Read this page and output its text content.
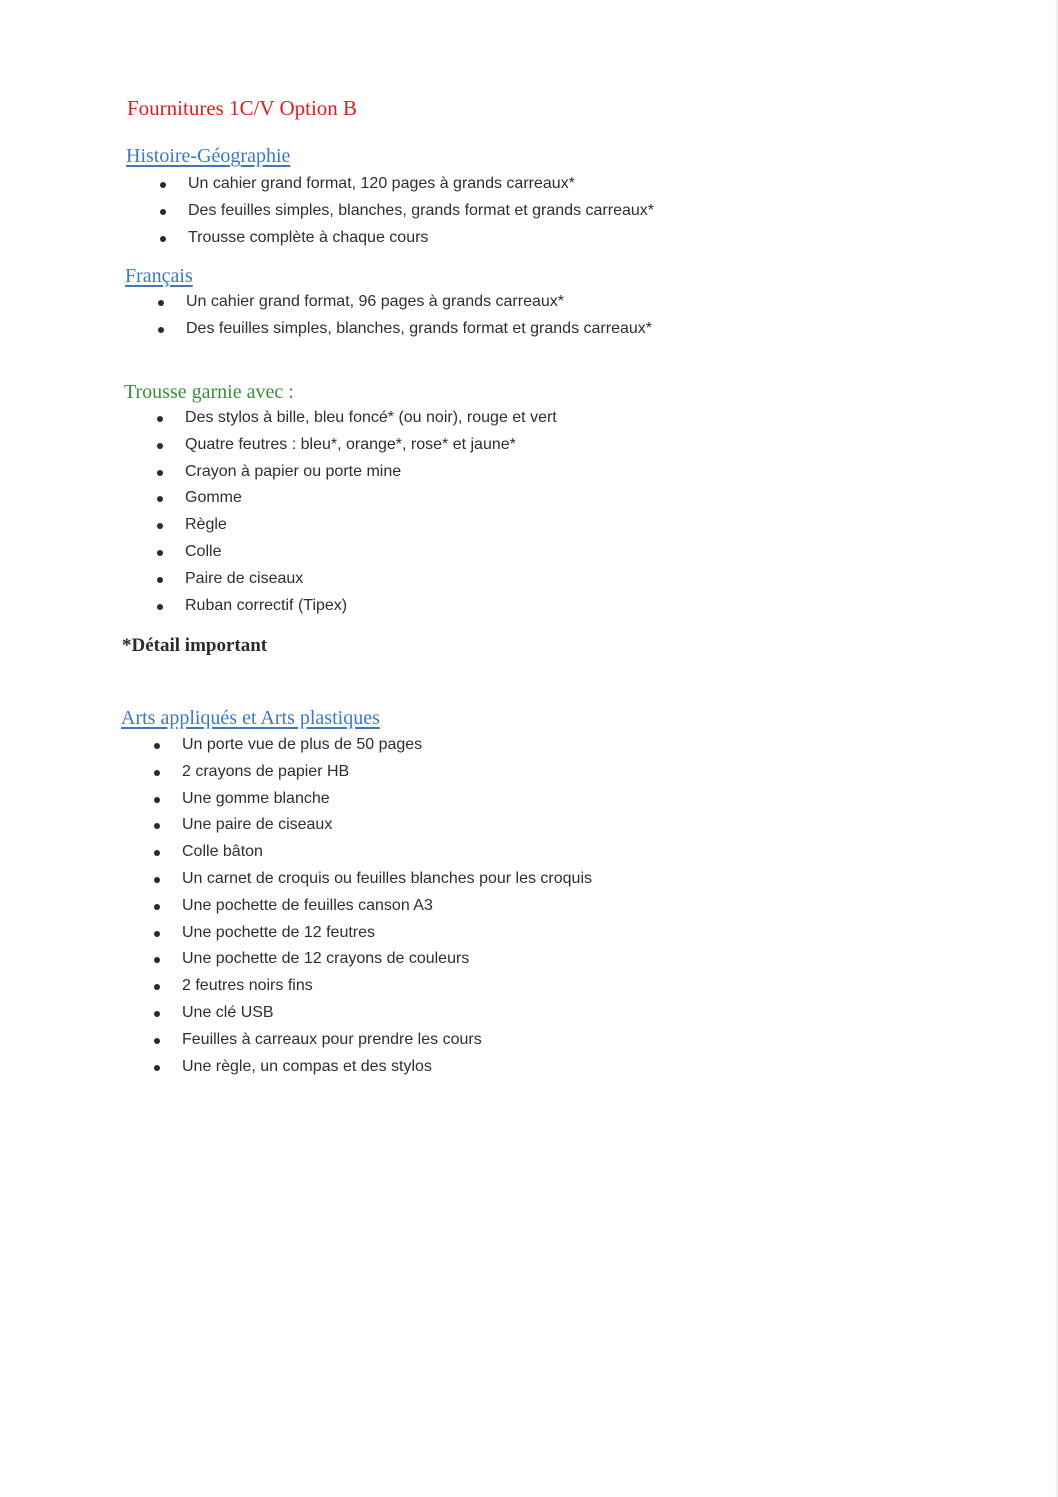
Fournitures 1C/V Option B
Histoire-Géographie
Un cahier grand format, 120 pages à grands carreaux*
Des feuilles simples, blanches, grands format et grands carreaux*
Trousse complète à chaque cours
Français
Un cahier grand format, 96 pages à grands carreaux*
Des feuilles simples, blanches, grands format et grands carreaux*
Trousse garnie avec :
Des stylos à bille, bleu foncé* (ou noir), rouge et vert
Quatre feutres : bleu*, orange*, rose* et jaune*
Crayon à papier ou porte mine
Gomme
Règle
Colle
Paire de ciseaux
Ruban correctif (Tipex)

*Détail important

Arts appliqués et Arts plastiques
Un porte vue de plus de 50 pages
2 crayons de papier HB
Une gomme blanche
Une paire de ciseaux
Colle bâton
Un carnet de croquis ou feuilles blanches pour les croquis
Une pochette de feuilles canson A3
Une pochette de 12 feutres
Une pochette de 12 crayons de couleurs
2 feutres noirs fins
Une clé USB
Feuilles à carreaux pour prendre les cours
Une règle, un compas et des stylos
